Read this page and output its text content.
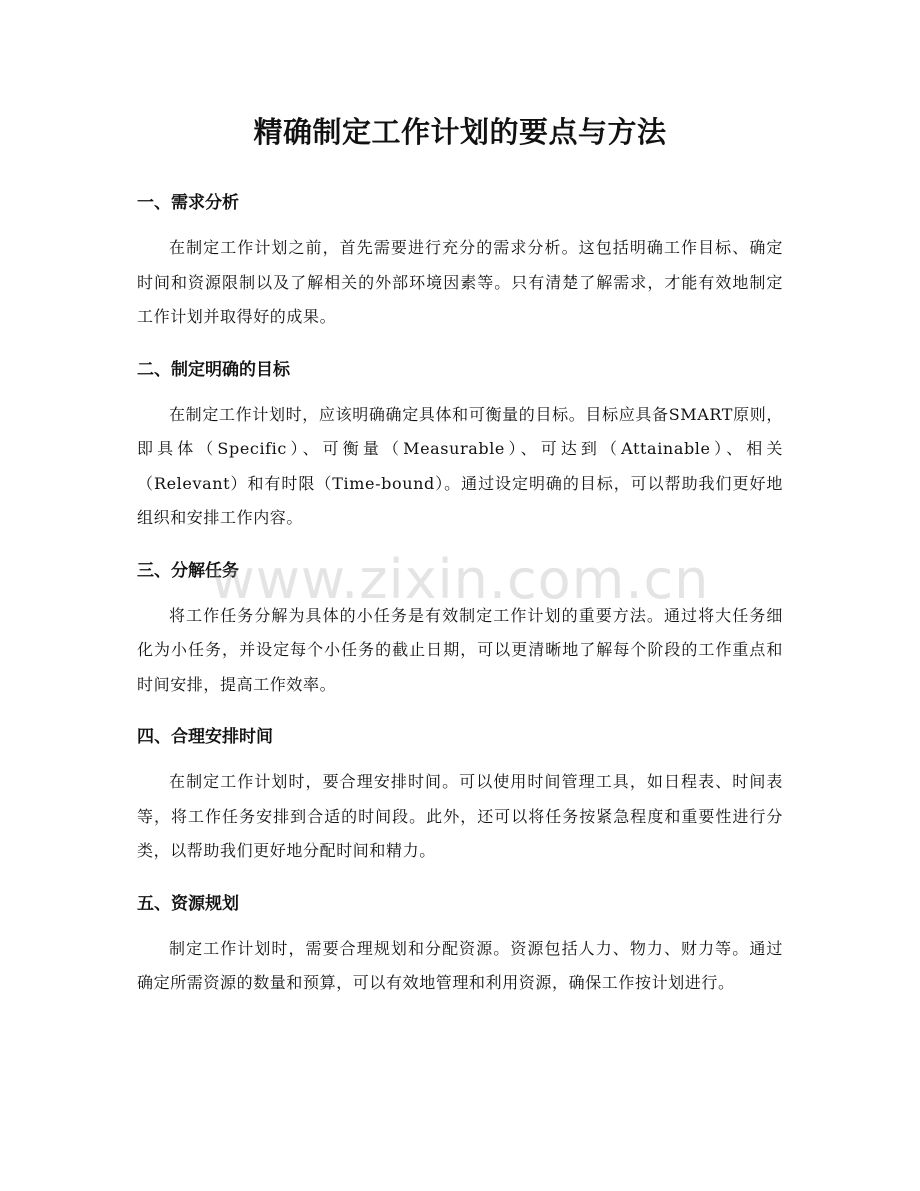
精确制定工作计划的要点与方法
一、需求分析

在制定工作计划之前，首先需要进行充分的需求分析。这包括明确工作目标、确定时间和资源限制以及了解相关的外部环境因素等。只有清楚了解需求，才能有效地制定工作计划并取得好的成果。

二、制定明确的目标

在制定工作计划时，应该明确确定具体和可衡量的目标。目标应具备SMART原则，即具体（Specific）、可衡量（Measurable）、可达到（Attainable）、相关（Relevant）和有时限（Time-bound）。通过设定明确的目标，可以帮助我们更好地组织和安排工作内容。

三、分解任务

将工作任务分解为具体的小任务是有效制定工作计划的重要方法。通过将大任务细化为小任务，并设定每个小任务的截止日期，可以更清晰地了解每个阶段的工作重点和时间安排，提高工作效率。

四、合理安排时间

在制定工作计划时，要合理安排时间。可以使用时间管理工具，如日程表、时间表等，将工作任务安排到合适的时间段。此外，还可以将任务按紧急程度和重要性进行分类，以帮助我们更好地分配时间和精力。

五、资源规划

制定工作计划时，需要合理规划和分配资源。资源包括人力、物力、财力等。通过确定所需资源的数量和预算，可以有效地管理和利用资源，确保工作按计划进行。

www.zixin.com.cn
